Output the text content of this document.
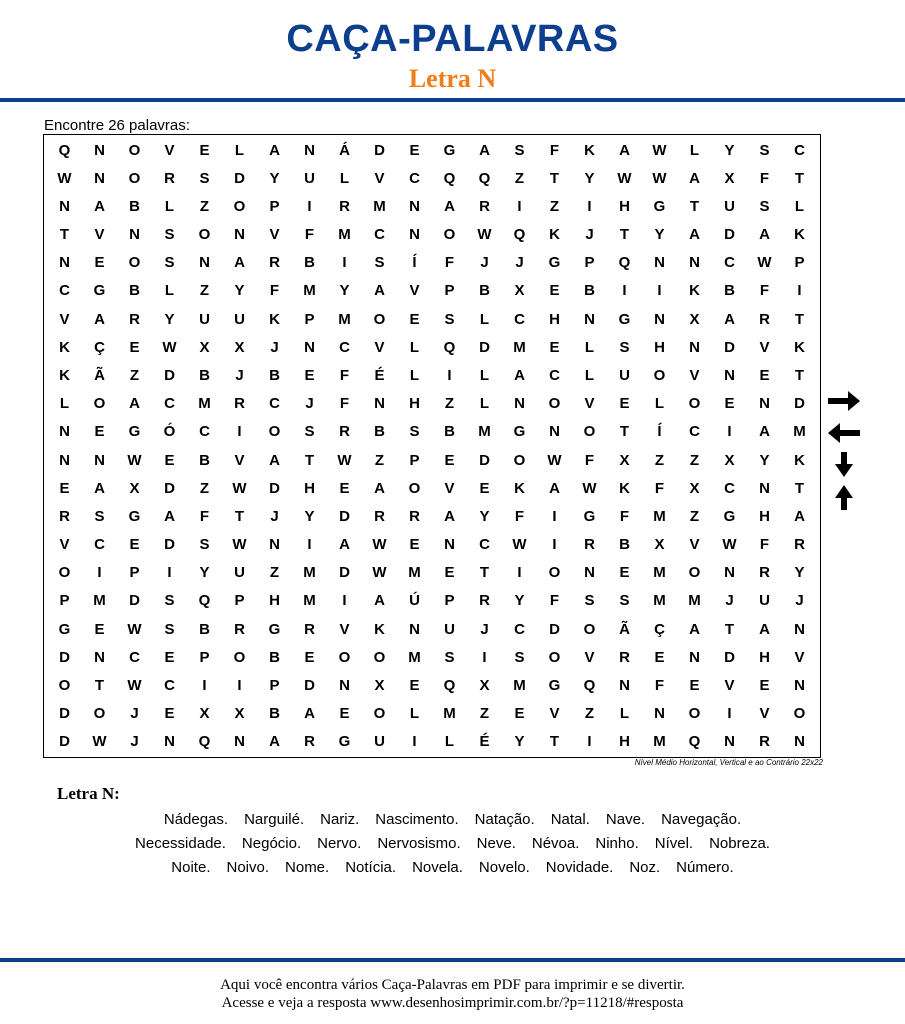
CAÇA-PALAVRAS
Letra N
Encontre 26 palavras:
Q	N	O	V	E	L	A	N	Á	D	E	G	A	S	F	K	A	W	L	Y	S	C
W	N	O	R	S	D	Y	U	L	V	C	Q	Q	Z	T	Y	W	W	A	X	F	T
N	A	B	L	Z	O	P	I	R	M	N	A	R	I	Z	I	H	G	T	U	S	L
T	V	N	S	O	N	V	F	M	C	N	O	W	Q	K	J	T	Y	A	D	A	K
N	E	O	S	N	A	R	B	I	S	Í	F	J	J	G	P	Q	N	N	C	W	P
C	G	B	L	Z	Y	F	M	Y	A	V	P	B	X	E	B	I	I	K	B	F	I
V	A	R	Y	U	U	K	P	M	O	E	S	L	C	H	N	G	N	X	A	R	T
K	Ç	E	W	X	X	J	N	C	V	L	Q	D	M	E	L	S	H	N	D	V	K
K	Ã	Z	D	B	J	B	E	F	É	L	I	L	A	C	L	U	O	V	N	E	T
L	O	A	C	M	R	C	J	F	N	H	Z	L	N	O	V	E	L	O	E	N	D
N	E	G	Ó	C	I	O	S	R	B	S	B	M	G	N	O	T	Í	C	I	A	M
N	N	W	E	B	V	A	T	W	Z	P	E	D	O	W	F	X	Z	Z	X	Y	K
E	A	X	D	Z	W	D	H	E	A	O	V	E	K	A	W	K	F	X	C	N	T
R	S	G	A	F	T	J	Y	D	R	R	A	Y	F	I	G	F	M	Z	G	H	A
V	C	E	D	S	W	N	I	A	W	E	N	C	W	I	R	B	X	V	W	F	R
O	I	P	I	Y	U	Z	M	D	W	M	E	T	I	O	N	E	M	O	N	R	Y
P	M	D	S	Q	P	H	M	I	A	Ú	P	R	Y	F	S	S	M	M	J	U	J
G	E	W	S	B	R	G	R	V	K	N	U	J	C	D	O	Ã	Ç	A	T	A	N
D	N	C	E	P	O	B	E	O	O	M	S	I	S	O	V	R	E	N	D	H	V
O	T	W	C	I	I	P	D	N	X	E	Q	X	M	G	Q	N	F	E	V	E	N
D	O	J	E	X	X	B	A	E	O	L	M	Z	E	V	Z	L	N	O	I	V	O
D	W	J	N	Q	N	A	R	G	U	I	L	É	Y	T	I	H	M	Q	N	R	N
Nível Médio Horizontal, Vertical e ao Contrário 22x22
Letra N:
Nádegas. Narguilé. Nariz. Nascimento. Natação. Natal. Nave. Navegação.
Necessidade. Negócio. Nervo. Nervosismo. Neve. Névoa. Ninho. Nível. Nobreza.
Noite. Noivo. Nome. Notícia. Novela. Novelo. Novidade. Noz. Número.
Aqui você encontra vários Caça-Palavras em PDF para imprimir e se divertir.
Acesse e veja a resposta www.desenhosimprimir.com.br/?p=11218/#resposta
